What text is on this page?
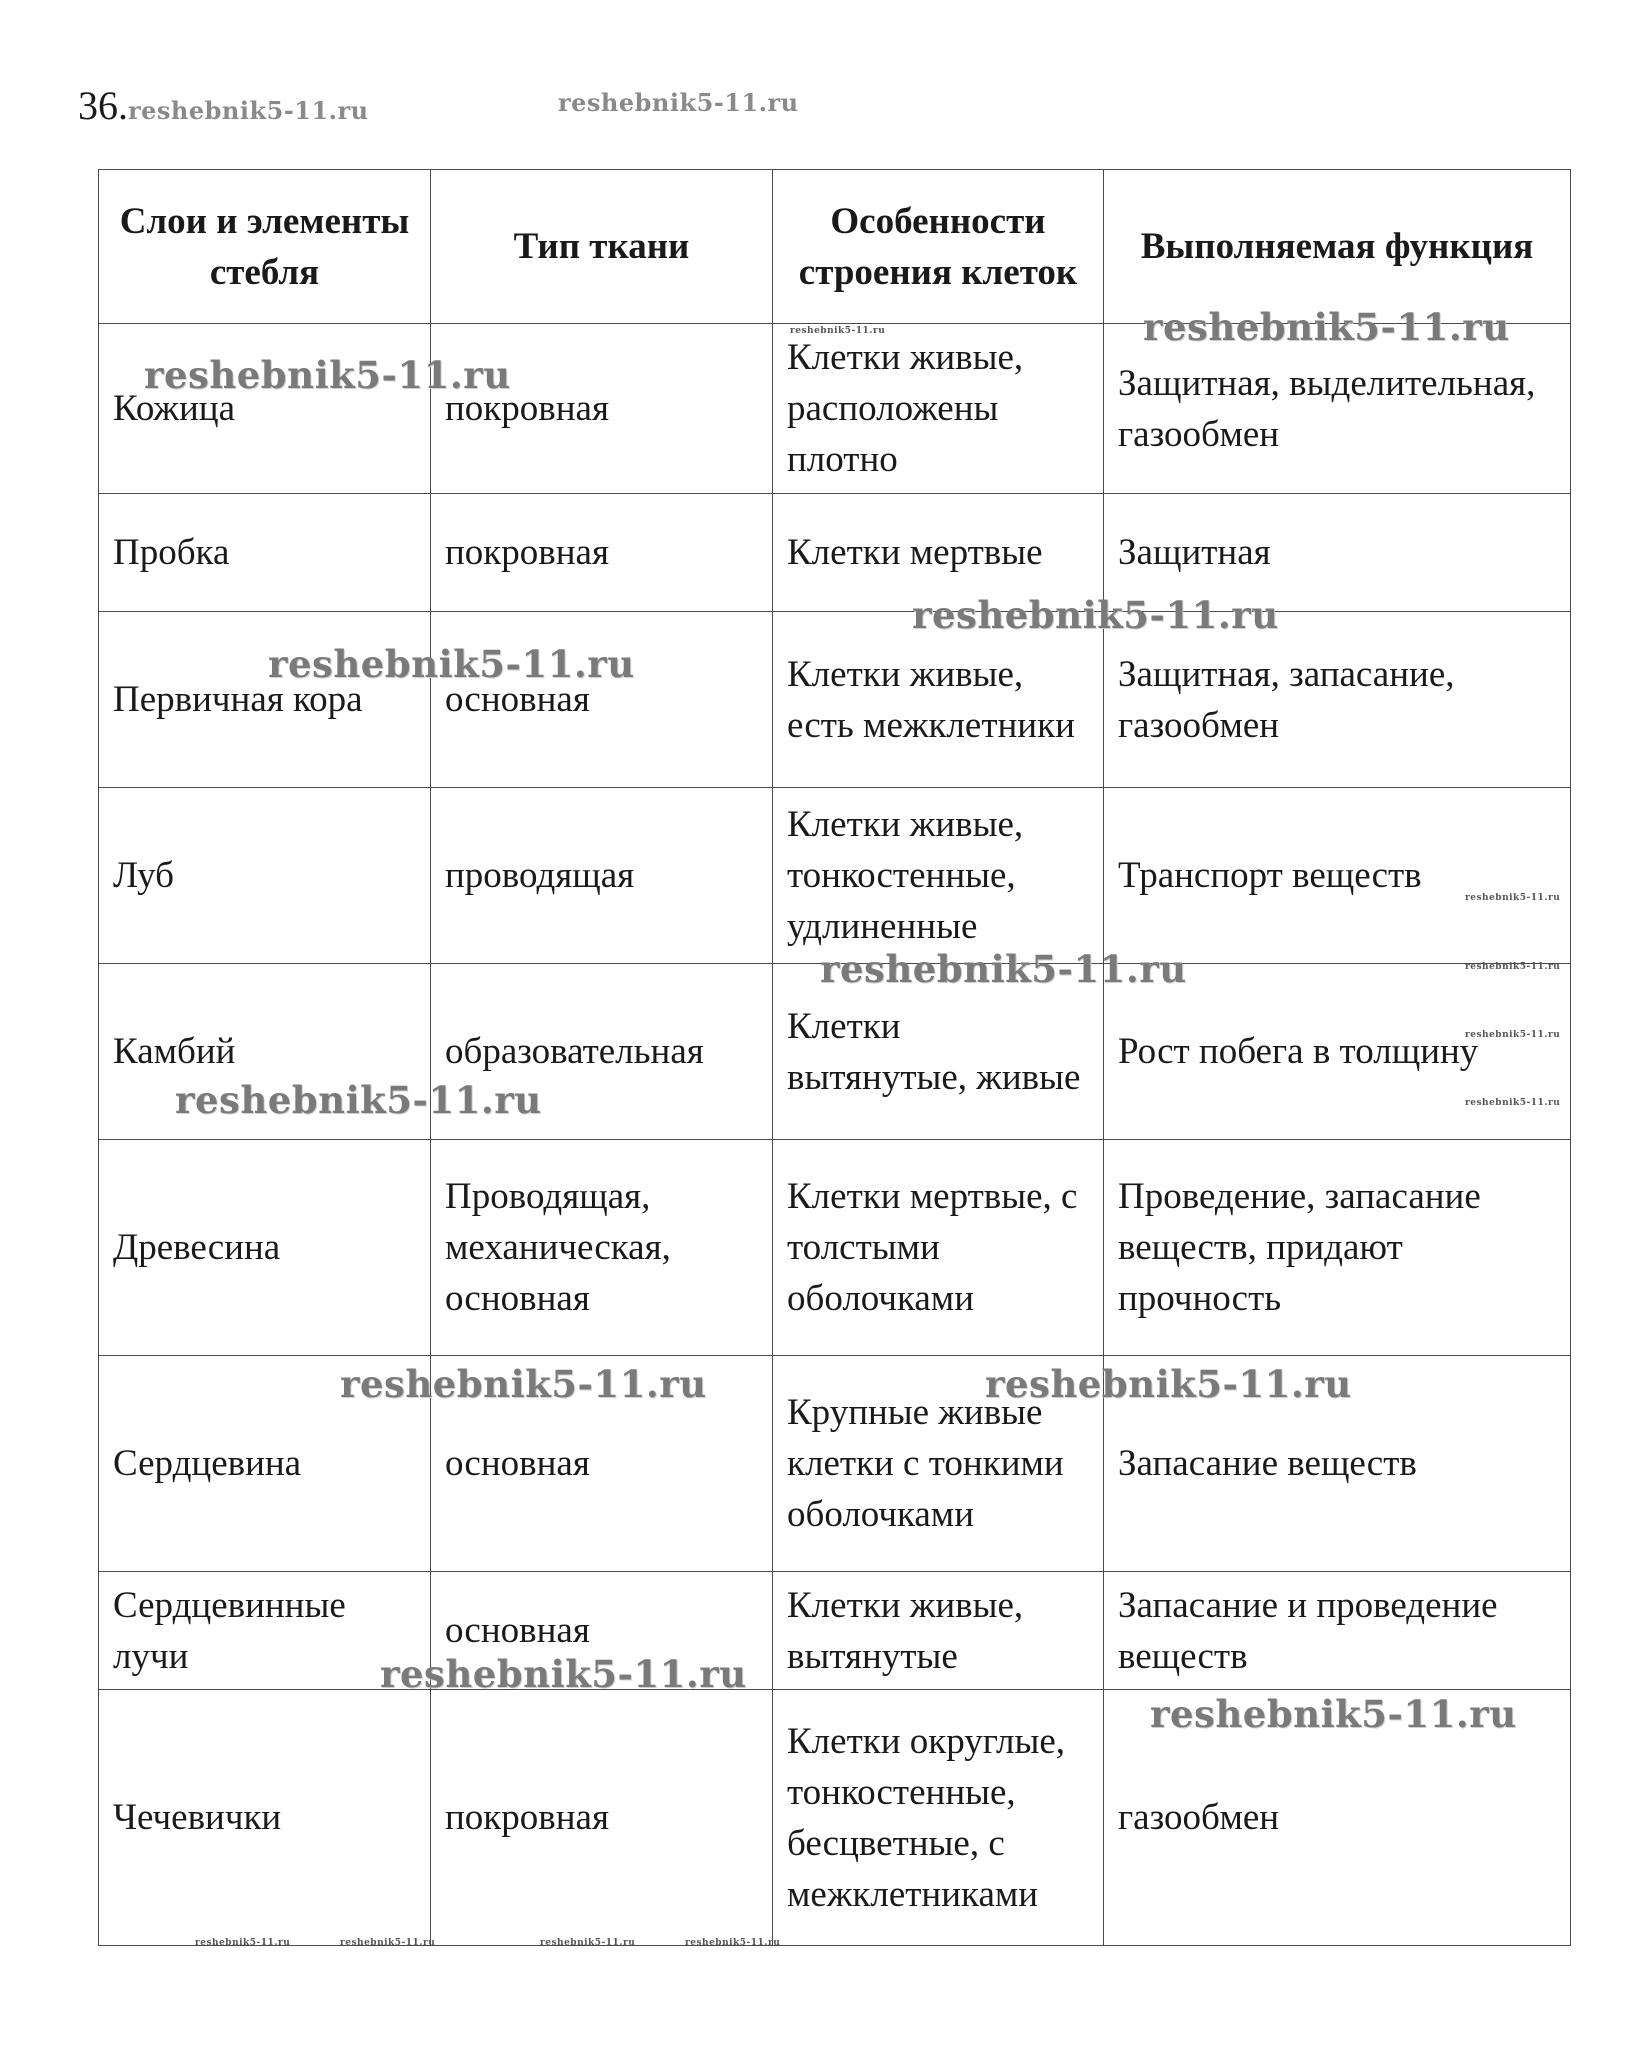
36.reshebnik5-11.ru	reshebnik5-11.ru
Слои и элементы стебля	Тип ткани	Особенности строения клеток	Выполняемая функция
Кожица	покровная	Клетки живые, расположены плотно	Защитная, выделительная, газообмен
Пробка	покровная	Клетки мертвые	Защитная
Первичная кора	основная	Клетки живые, есть межклетники	Защитная, запасание, газообмен
Луб	проводящая	Клетки живые, тонкостенные, удлиненные	Транспорт веществ
Камбий	образовательная	Клетки вытянутые, живые	Рост побега в толщину
Древесина	Проводящая, механическая, основная	Клетки мертвые, с толстыми оболочками	Проведение, запасание веществ, придают прочность
Сердцевина	основная	Крупные живые клетки с тонкими оболочками	Запасание веществ
Сердцевинные лучи	основная	Клетки живые, вытянутые	Запасание и проведение веществ
Чечевички	покровная	Клетки округлые, тонкостенные, бесцветные, с межклетниками	газообмен
reshebnik5-11.ru
reshebnik5-11.ru
reshebnik5-11.ru
reshebnik5-11.ru
reshebnik5-11.ru
reshebnik5-11.ru
reshebnik5-11.ru	reshebnik5-11.ru
reshebnik5-11.ru
reshebnik5-11.ru
reshebnik5-11.ru
reshebnik5-11.ru
reshebnik5-11.ru
reshebnik5-11.ru
reshebnik5-11.ru
reshebnik5-11.ru	reshebnik5-11.ru	reshebnik5-11.ru	reshebnik5-11.ru
